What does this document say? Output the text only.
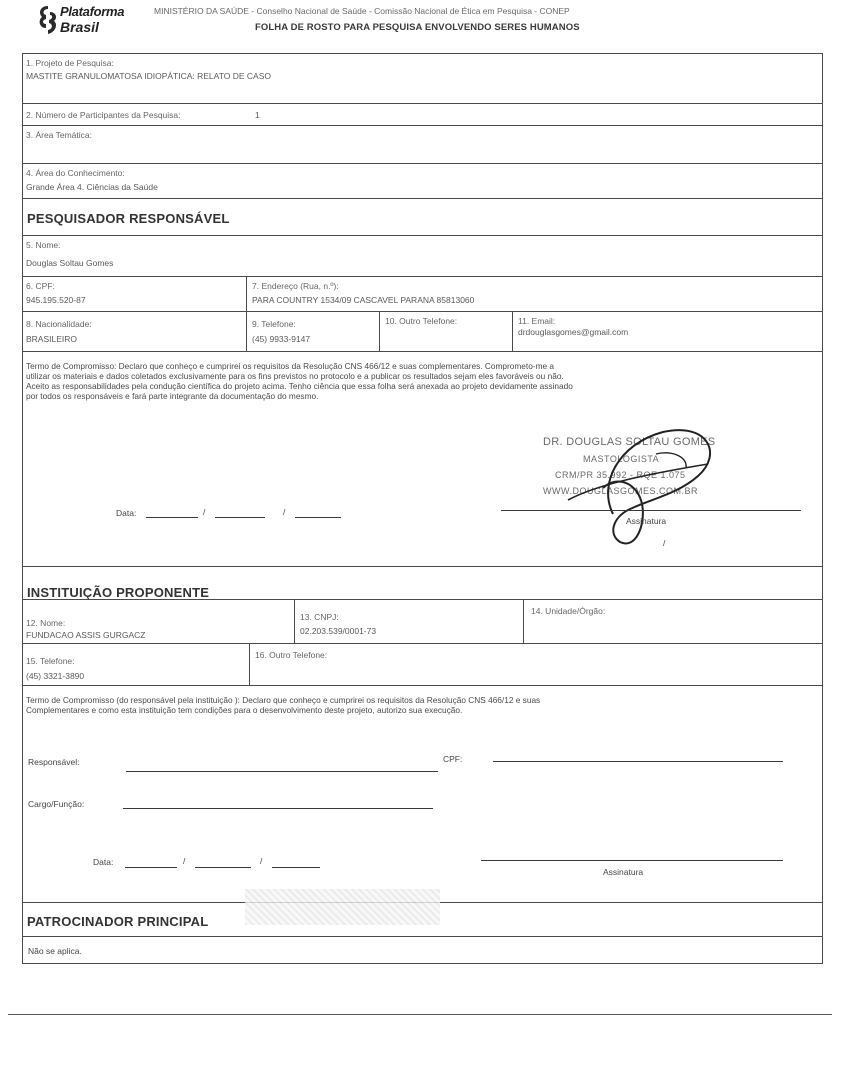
Plataforma
Brasil
MINISTÉRIO DA SAÚDE - Conselho Nacional de Saúde - Comissão Nacional de Ética em Pesquisa - CONEP
FOLHA DE ROSTO PARA PESQUISA ENVOLVENDO SERES HUMANOS
1. Projeto de Pesquisa:
MASTITE GRANULOMATOSA IDIOPÁTICA: RELATO DE CASO
2. Número de Participantes da Pesquisa:	1
3. Área Temática:
4. Área do Conhecimento:
Grande Área 4. Ciências da Saúde
PESQUISADOR RESPONSÁVEL
5. Nome:
Douglas Soltau Gomes
6. CPF:
945.195.520-87
7. Endereço (Rua, n.º):
PARA COUNTRY 1534/09 CASCAVEL PARANA 85813060
8. Nacionalidade:
BRASILEIRO
9. Telefone:
(45) 9933-9147
10. Outro Telefone:	11. Email:
drdouglasgomes@gmail.com
Termo de Compromisso: Declaro que conheço e cumprirei os requisitos da Resolução CNS 466/12 e suas complementares. Comprometo-me a
utilizar os materiais e dados coletados exclusivamente para os fins previstos no protocolo e a publicar os resultados sejam eles favoráveis ou não.
Aceito as responsabilidades pela condução científica do projeto acima. Tenho ciência que essa folha será anexada ao projeto devidamente assinado
por todos os responsáveis e fará parte integrante da documentação do mesmo.
DR. DOUGLAS SOLTAU GOMES
MASTOLOGISTA
CRM/PR 35.992 - RQE 1.075
WWW.DOUGLASGOMES.COM.BR
Data:	/	/
Assinatura
/
INSTITUIÇÃO PROPONENTE
12. Nome:
FUNDACAO ASSIS GURGACZ
13. CNPJ:
02.203.539/0001-73
14. Unidade/Órgão:
15. Telefone:
(45) 3321-3890
16. Outro Telefone:
Termo de Compromisso (do responsável pela instituição ): Declaro que conheço e cumprirei os requisitos da Resolução CNS 466/12 e suas
Complementares e como esta instituição tem condições para o desenvolvimento deste projeto, autorizo sua execução.
Responsável:	CPF:
Cargo/Função:
Data:	/	/
Assinatura
PATROCINADOR PRINCIPAL
Não se aplica.
